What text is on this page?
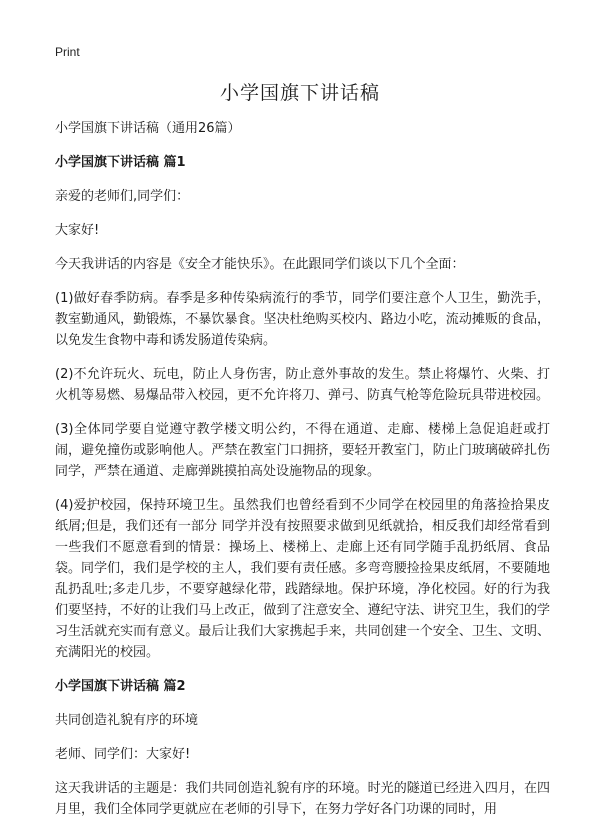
Print
小学国旗下讲话稿

小学国旗下讲话稿（通用26篇）

小学国旗下讲话稿 篇1

亲爱的老师们,同学们：

大家好!

今天我讲话的内容是《安全才能快乐》。在此跟同学们谈以下几个全面：

(1)做好春季防病。春季是多种传染病流行的季节，同学们要注意个人卫生，勤洗手，教室勤通风，勤锻炼，不暴饮暴食。坚决杜绝购买校内、路边小吃，流动摊贩的食品，以免发生食物中毒和诱发肠道传染病。

(2)不允许玩火、玩电，防止人身伤害，防止意外事故的发生。禁止将爆竹、火柴、打火机等易燃、易爆品带入校园，更不允许将刀、弹弓、防真气枪等危险玩具带进校园。

(3)全体同学要自觉遵守教学楼文明公约，不得在通道、走廊、楼梯上急促追赶或打闹，避免撞伤或影响他人。严禁在教室门口拥挤，要轻开教室门，防止门玻璃破碎扎伤同学，严禁在通道、走廊弹跳摸拍高处设施物品的现象。

(4)爱护校园，保持环境卫生。虽然我们也曾经看到不少同学在校园里的角落捡拾果皮纸屑;但是，我们还有一部分 同学并没有按照要求做到见纸就拾，相反我们却经常看到一些我们不愿意看到的情景：操场上、楼梯上、走廊上还有同学随手乱扔纸屑、食品袋。同学们，我们是学校的主人，我们要有责任感。多弯弯腰捡捡果皮纸屑，不要随地乱扔乱吐;多走几步，不要穿越绿化带，践踏绿地。保护环境，净化校园。好的行为我们要坚持，不好的让我们马上改正，做到了注意安全、遵纪守法、讲究卫生，我们的学习生活就充实而有意义。最后让我们大家携起手来，共同创建一个安全、卫生、文明、充满阳光的校园。

小学国旗下讲话稿 篇2

共同创造礼貌有序的环境

老师、同学们：大家好!

这天我讲话的主题是：我们共同创造礼貌有序的环境。时光的隧道已经进入四月，在四月里，我们全体同学更就应在老师的引导下，在努力学好各门功课的同时，用
